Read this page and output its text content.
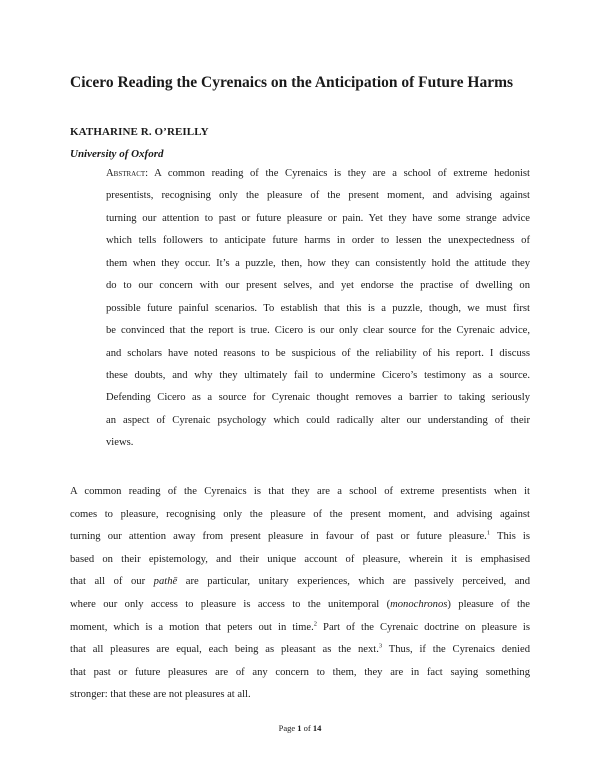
Cicero Reading the Cyrenaics on the Anticipation of Future Harms
KATHARINE R. O’REILLY
University of Oxford
Abstract: A common reading of the Cyrenaics is they are a school of extreme hedonist
presentists, recognising only the pleasure of the present moment, and advising against
turning our attention to past or future pleasure or pain. Yet they have some strange advice
which tells followers to anticipate future harms in order to lessen the unexpectedness of
them when they occur. It’s a puzzle, then, how they can consistently hold the attitude they
do to our concern with our present selves, and yet endorse the practise of dwelling on
possible future painful scenarios. To establish that this is a puzzle, though, we must first
be convinced that the report is true. Cicero is our only clear source for the Cyrenaic advice,
and scholars have noted reasons to be suspicious of the reliability of his report. I discuss
these doubts, and why they ultimately fail to undermine Cicero’s testimony as a source.
Defending Cicero as a source for Cyrenaic thought removes a barrier to taking seriously
an aspect of Cyrenaic psychology which could radically alter our understanding of their
views.
A common reading of the Cyrenaics is that they are a school of extreme presentists when it
comes to pleasure, recognising only the pleasure of the present moment, and advising against
turning our attention away from present pleasure in favour of past or future pleasure.$^1$ This is
based on their epistemology, and their unique account of pleasure, wherein it is emphasised
that all of our pathē are particular, unitary experiences, which are passively perceived, and
where our only access to pleasure is access to the unitemporal (monochronos) pleasure of the
moment, which is a motion that peters out in time.$^2$ Part of the Cyrenaic doctrine on pleasure is
that all pleasures are equal, each being as pleasant as the next.$^3$ Thus, if the Cyrenaics denied
that past or future pleasures are of any concern to them, they are in fact saying something
stronger: that these are not pleasures at all.
Page 1 of 14
